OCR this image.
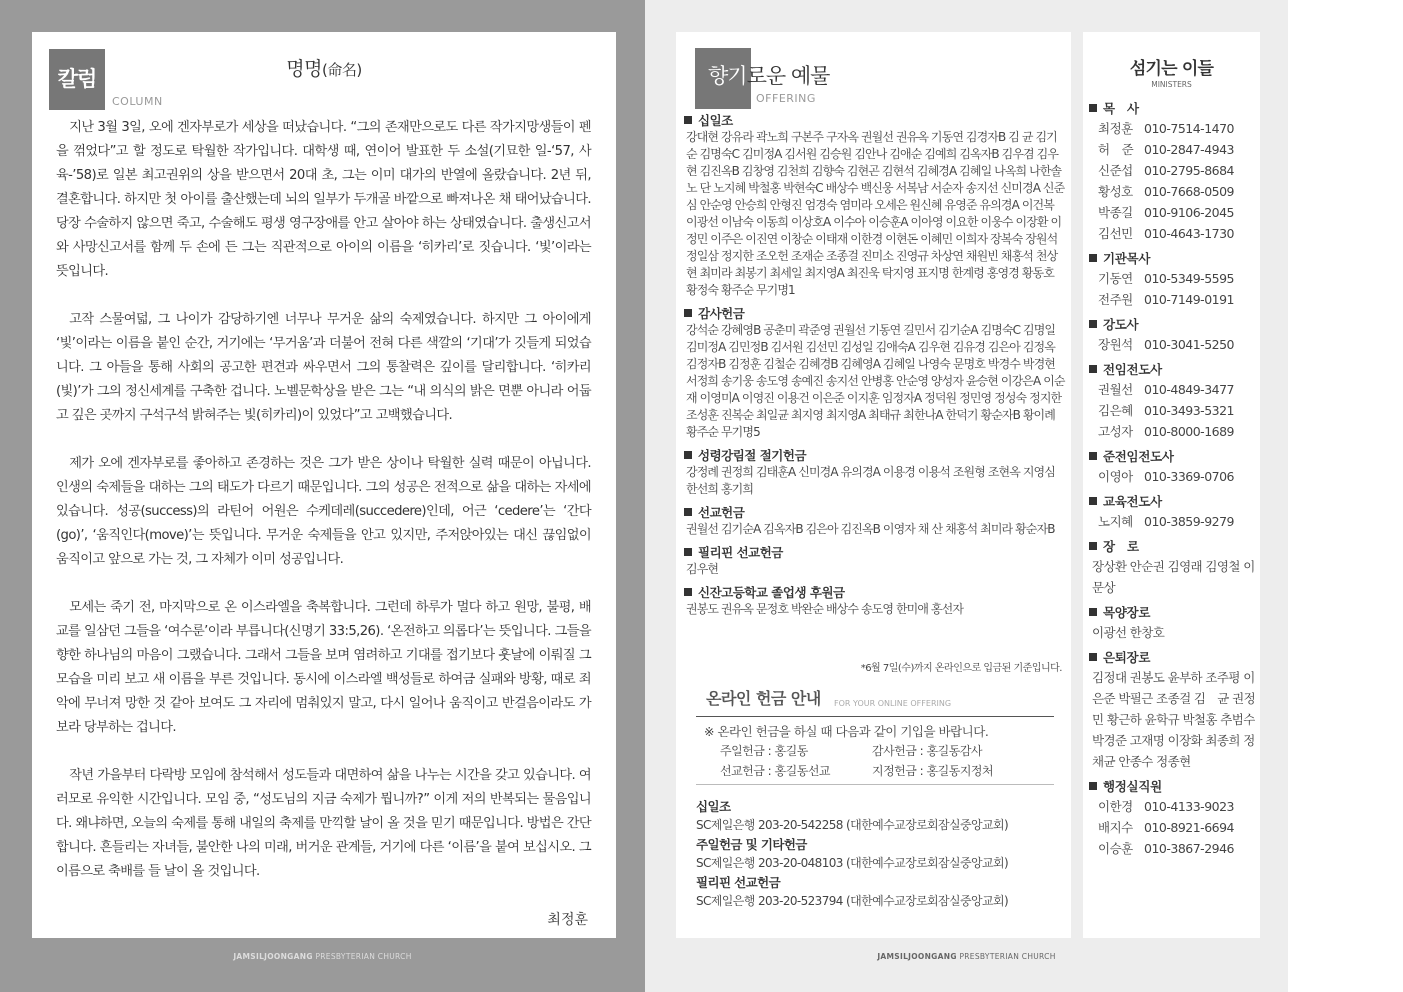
칼럼
COLUMN
명명(命名)

지난 3월 3일, 오에 겐자부로가 세상을 떠났습니다. “그의 존재만으로도 다른 작가지망생들이 펜을 꺾었다”고 할 정도로 탁월한 작가입니다. 대학생 때, 연이어 발표한 두 소설(기묘한 일-‘57, 사육-’58)로 일본 최고권위의 상을 받으면서 20대 초, 그는 이미 대가의 반열에 올랐습니다. 2년 뒤, 결혼합니다. 하지만 첫 아이를 출산했는데 뇌의 일부가 두개골 바깥으로 빠져나온 채 태어났습니다. 당장 수술하지 않으면 죽고, 수술해도 평생 영구장애를 안고 살아야 하는 상태였습니다. 출생신고서와 사망신고서를 함께 두 손에 든 그는 직관적으로 아이의 이름을 ‘히카리’로 짓습니다. ‘빛’이라는 뜻입니다.

고작 스물여덟, 그 나이가 감당하기엔 너무나 무거운 삶의 숙제였습니다. 하지만 그 아이에게 ‘빛’이라는 이름을 붙인 순간, 거기에는 ‘무거움’과 더불어 전혀 다른 색깔의 ‘기대’가 깃들게 되었습니다. 그 아들을 통해 사회의 공고한 편견과 싸우면서 그의 통찰력은 깊이를 달리합니다. ‘히카리(빛)’가 그의 정신세계를 구축한 겁니다. 노벨문학상을 받은 그는 “내 의식의 밝은 면뿐 아니라 어둡고 깊은 곳까지 구석구석 밝혀주는 빛(히카리)이 있었다”고 고백했습니다.

제가 오에 겐자부로를 좋아하고 존경하는 것은 그가 받은 상이나 탁월한 실력 때문이 아닙니다. 인생의 숙제들을 대하는 그의 태도가 다르기 때문입니다. 그의 성공은 전적으로 삶을 대하는 자세에 있습니다. 성공(success)의 라틴어 어원은 수케데레(succedere)인데, 어근 ‘cedere’는 ‘간다(go)’, ‘움직인다(move)’는 뜻입니다. 무거운 숙제들을 안고 있지만, 주저앉아있는 대신 끊임없이 움직이고 앞으로 가는 것, 그 자체가 이미 성공입니다.

모세는 죽기 전, 마지막으로 온 이스라엘을 축복합니다. 그런데 하루가 멀다 하고 원망, 불평, 배교를 일삼던 그들을 ‘여수룬’이라 부릅니다(신명기 33:5,26). ‘온전하고 의롭다’는 뜻입니다. 그들을 향한 하나님의 마음이 그랬습니다. 그래서 그들을 보며 염려하고 기대를 접기보다 훗날에 이뤄질 그 모습을 미리 보고 새 이름을 부른 것입니다. 동시에 이스라엘 백성들로 하여금 실패와 방황, 때로 죄악에 무너져 망한 것 같아 보여도 그 자리에 멈춰있지 말고, 다시 일어나 움직이고 반걸음이라도 가보라 당부하는 겁니다.

작년 가을부터 다락방 모임에 참석해서 성도들과 대면하여 삶을 나누는 시간을 갖고 있습니다. 여러모로 유익한 시간입니다. 모임 중, “성도님의 지금 숙제가 뭡니까?” 이게 저의 반복되는 물음입니다. 왜냐하면, 오늘의 숙제를 통해 내일의 축제를 만끽할 날이 올 것을 믿기 때문입니다. 방법은 간단합니다. 흔들리는 자녀들, 불안한 나의 미래, 버거운 관계들, 거기에 다른 ‘이름’을 붙여 보십시오. 그 이름으로 축배를 들 날이 올 것입니다.

최정훈
JAMSILJOONGANG PRESBYTERIAN CHURCH
향기로운 예물
OFFERING
십일조
강대현 강유라 곽노희 구본주 구자옥 권월선 권유옥 기동연 김경자B 김 균 김기순 김명숙C 김미정A 김서원 김승원 김안나 김애순 김예희 김옥자B 김우겸 김우현 김진옥B 김창영 김천희 김향숙 김현곤 김현석 김혜경A 김혜일 나옥희 나한솔 노 단 노지혜 박철홍 박현숙C 배상수 백신웅 서복남 서순자 송지선 신미경A 신준심 안순영 안승희 안형진 엄경숙 염미라 오세은 원신혜 유영준 유의경A 이건복 이광선 이남숙 이동희 이상호A 이수아 이승훈A 이아영 이요한 이웅수 이장환 이정민 이주은 이진연 이창순 이태재 이한경 이현돈 이혜민 이희자 장복숙 장원석 정일삼 정지한 조오헌 조재순 조종걸 진미소 진영규 차상연 채원빈 채홍석 천상현 최미라 최봉기 최세일 최지영A 최진욱 탁지영 표지명 한계령 홍영경 황동호 황정숙 황주순 무기명1
감사헌금
강석순 강혜영B 공춘미 곽준영 권월선 기동연 길민서 김기순A 김명숙C 김명일 김미정A 김민정B 김서원 김선민 김성일 김애숙A 김우현 김유경 김은아 김정옥 김정자B 김정훈 김철순 김혜경B 김혜영A 김혜일 나영숙 문명호 박경수 박경현 서정희 송기웅 송도영 송예진 송지선 안병홍 안순영 양성자 윤승현 이강은A 이순재 이영미A 이영진 이용건 이은준 이지훈 임정자A 정덕원 정민영 정성숙 정지한 조성훈 진복순 최일균 최지영 최지영A 최태규 최한나A 한덕기 황순자B 황이례 황주순 무기명5
성령강림절 절기헌금
강정례 권정희 김태훈A 신미경A 유의경A 이용경 이용석 조원형 조현옥 지영심 한선희 홍기희
선교헌금
권월선 김기순A 김옥자B 김은아 김진옥B 이영자 채 산 채홍석 최미라 황순자B
필리핀 선교헌금
김우현
신잔고등학교 졸업생 후원금
권봉도 권유옥 문정호 박완순 배상수 송도영 한미애 홍선자
*6월 7일(수)까지 온라인으로 입금된 기준입니다.
온라인 헌금 안내 FOR YOUR ONLINE OFFERING
※ 온라인 헌금을 하실 때 다음과 같이 기입을 바랍니다.
주일헌금 : 홍길동	감사헌금 : 홍길동감사
선교헌금 : 홍길동선교	지정헌금 : 홍길동지정처
십일조
SC제일은행 203-20-542258 (대한예수교장로회잠실중앙교회)
주일헌금 및 기타헌금
SC제일은행 203-20-048103 (대한예수교장로회잠실중앙교회)
필리핀 선교헌금
SC제일은행 203-20-523794 (대한예수교장로회잠실중앙교회)
섬기는 이들
MINISTERS
목　사
최정훈 010-7514-1470
허　준 010-2847-4943
신준섭 010-2795-8684
황성호 010-7668-0509
박종길 010-9106-2045
김선민 010-4643-1730
기관목사
기동연 010-5349-5595
전주원 010-7149-0191
강도사
장원석 010-3041-5250
전임전도사
권월선 010-4849-3477
김은혜 010-3493-5321
고성자 010-8000-1689
준전임전도사
이영아 010-3369-0706
교육전도사
노지혜 010-3859-9279
장　로
장상환 안순권 김영래 김영철 이문상
목양장로
이광선 한창호
은퇴장로
김정대 권봉도 윤부하 조주평 이은준 박필근 조종걸 김　균 권정민 황근하 윤학규 박철홍 추범수 박경준 고재명 이장화 최종희 정채균 안종수 정종현
행정실직원
이한경 010-4133-9023
배지수 010-8921-6694
이승훈 010-3867-2946
JAMSILJOONGANG PRESBYTERIAN CHURCH
